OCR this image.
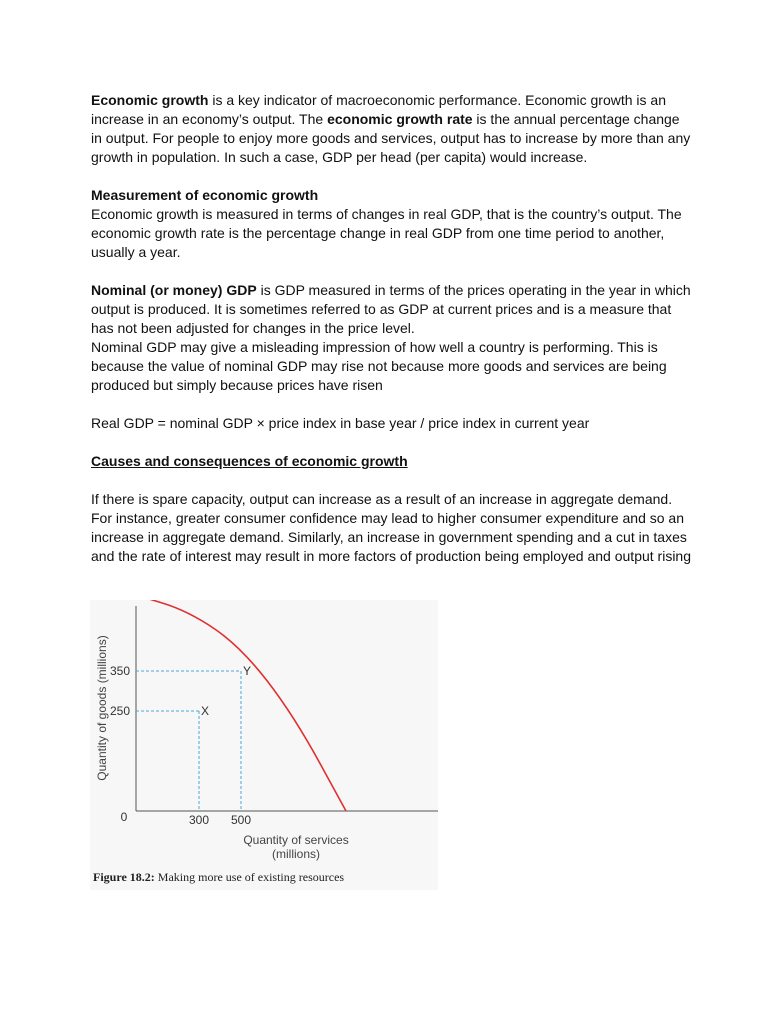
Economic growth is a key indicator of macroeconomic performance. Economic growth is an increase in an economy’s output. The economic growth rate is the annual percentage change in output. For people to enjoy more goods and services, output has to increase by more than any growth in population. In such a case, GDP per head (per capita) would increase.

Measurement of economic growth

Economic growth is measured in terms of changes in real GDP, that is the country’s output. The economic growth rate is the percentage change in real GDP from one time period to another, usually a year.

Nominal (or money) GDP is GDP measured in terms of the prices operating in the year in which output is produced. It is sometimes referred to as GDP at current prices and is a measure that has not been adjusted for changes in the price level.

Nominal GDP may give a misleading impression of how well a country is performing. This is because the value of nominal GDP may rise not because more goods and services are being produced but simply because prices have risen

Real GDP = nominal GDP × price index in base year / price index in current year

Causes and consequences of economic growth

If there is spare capacity, output can increase as a result of an increase in aggregate demand. For instance, greater consumer confidence may lead to higher consumer expenditure and so an increase in aggregate demand. Similarly, an increase in government spending and a cut in taxes and the rate of interest may result in more factors of production being employed and output rising

Quantity of goods (millions)	X
250
300
Y
350
500
0
Quantity of services
(millions)
Figure 18.2: Making more use of existing resources
